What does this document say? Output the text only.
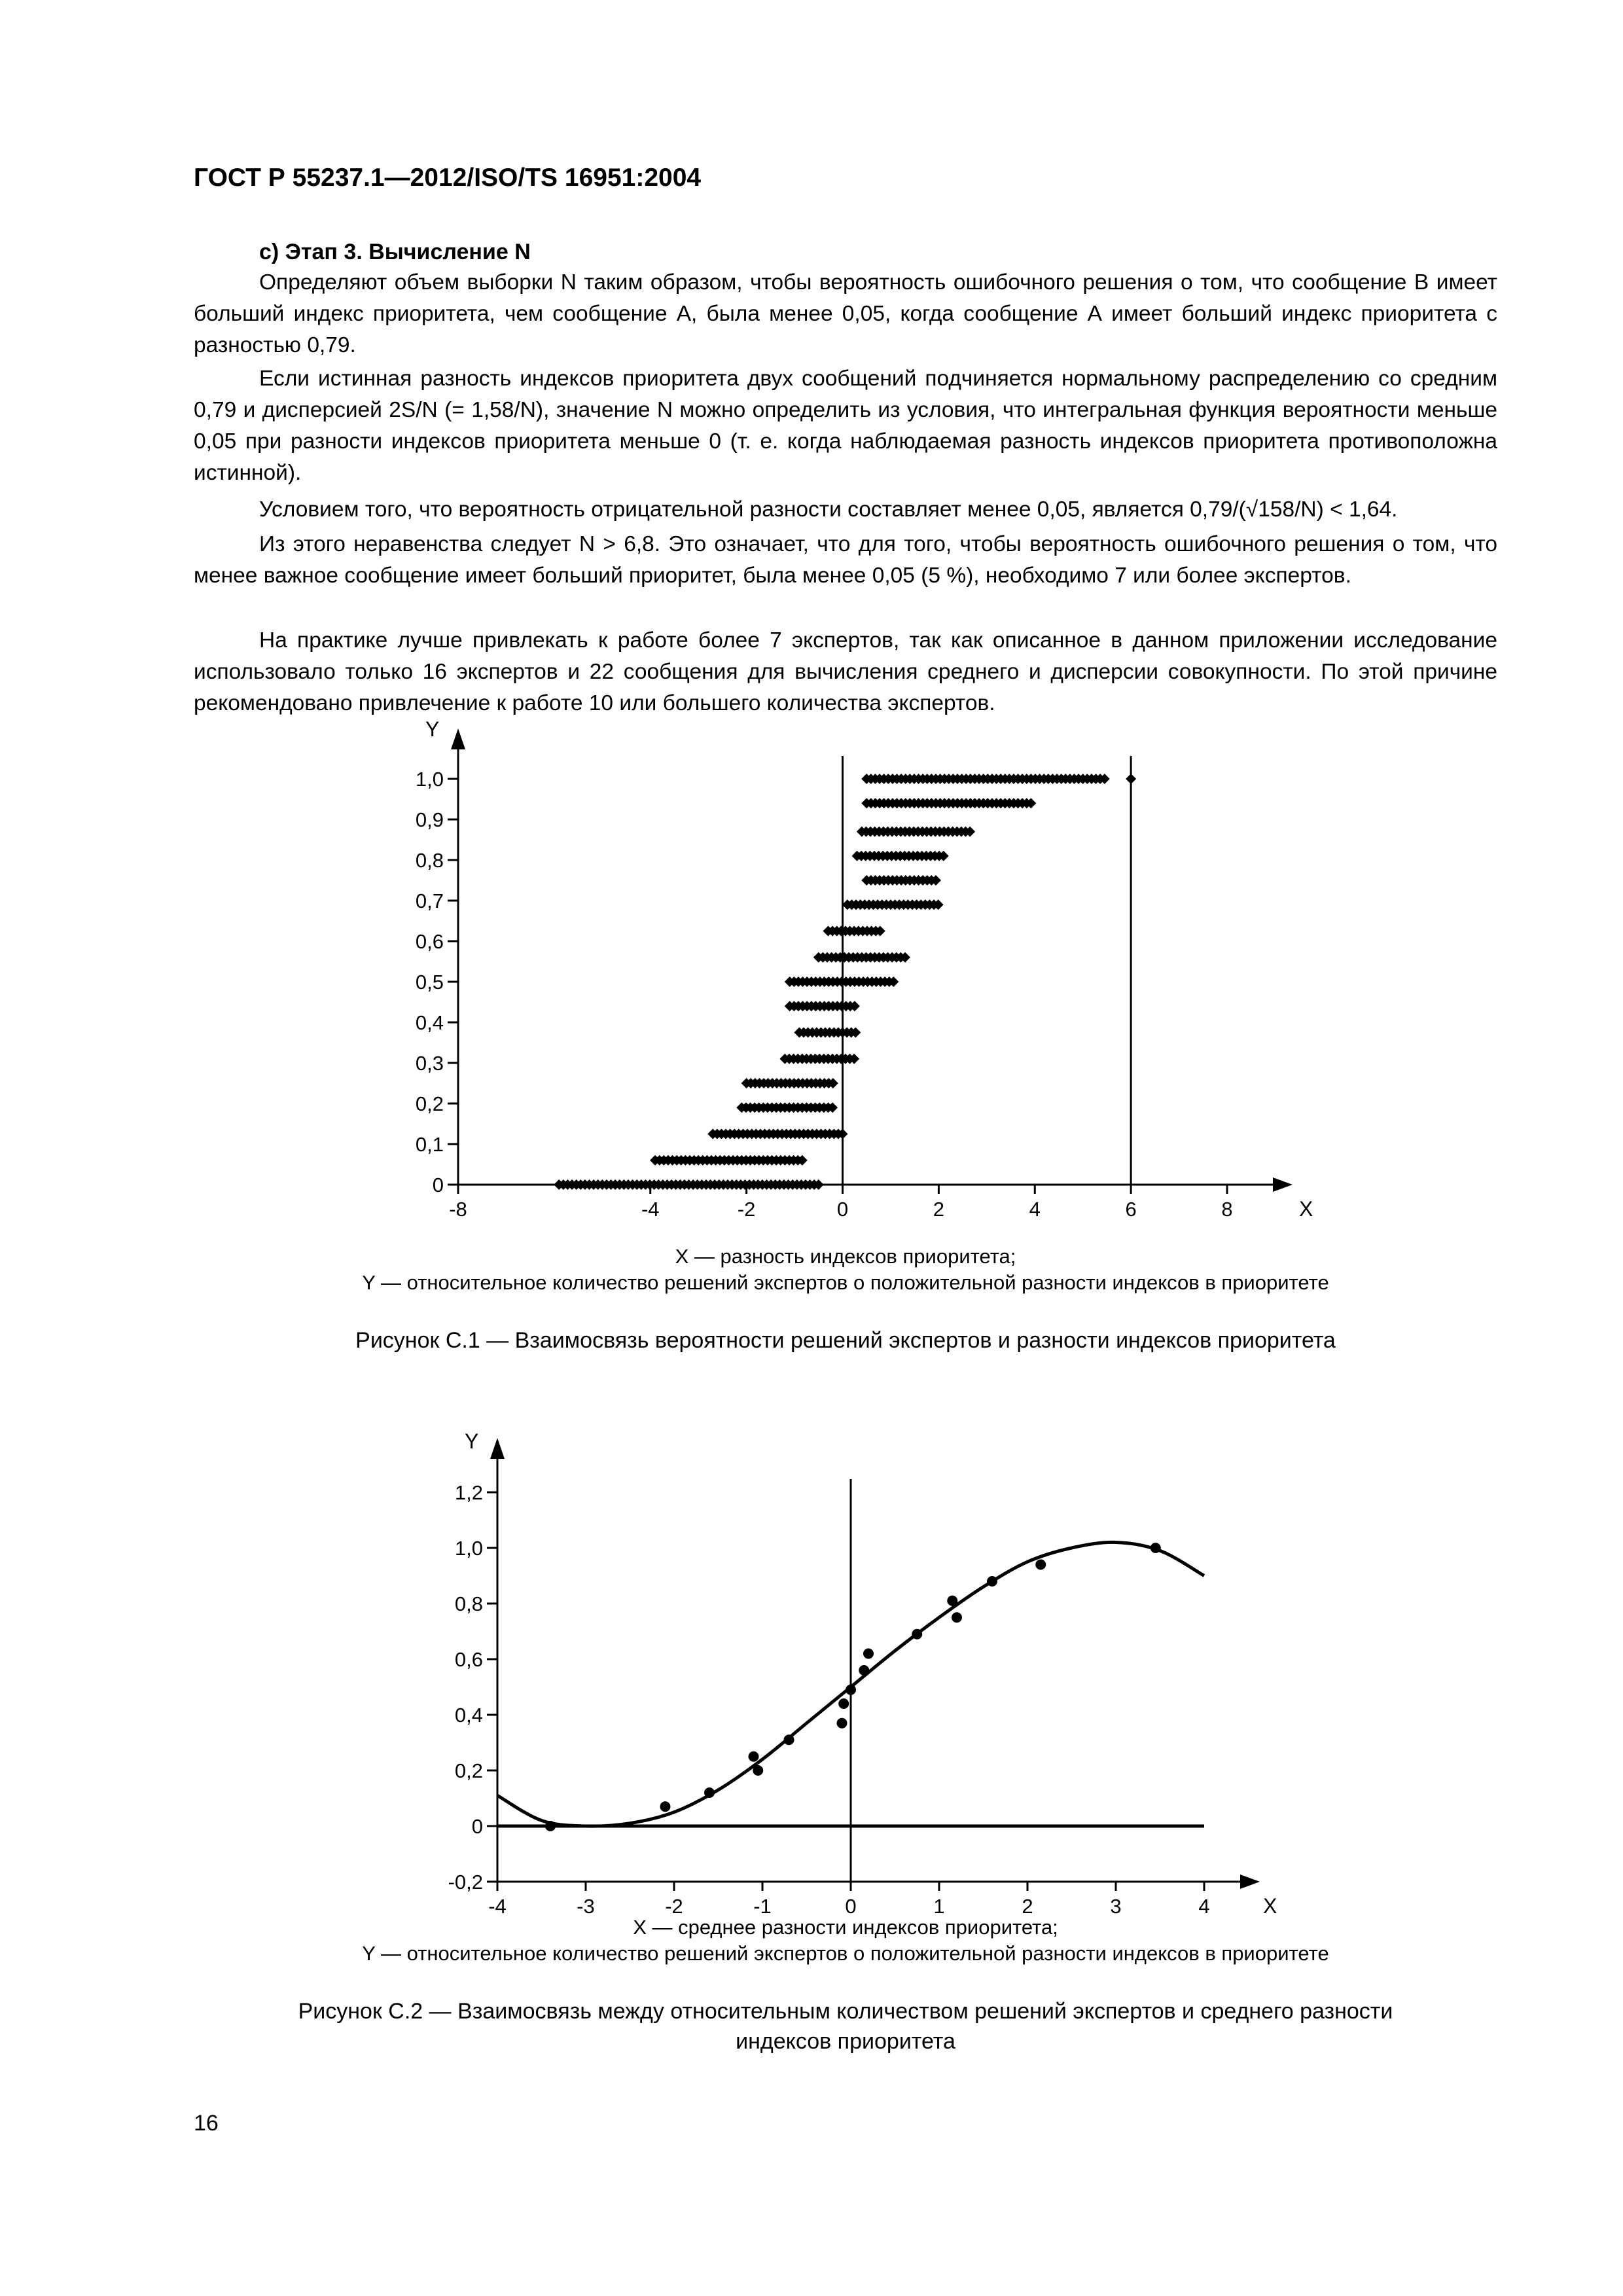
ГОСТ Р 55237.1—2012/ISO/TS 16951:2004
с) Этап 3. Вычисление N

Определяют объем выборки N таким образом, чтобы вероятность ошибочного решения о том, что сообщение В имеет больший индекс приоритета, чем сообщение А, была менее 0,05, когда сообщение А имеет больший индекс приоритета с разностью 0,79.

Если истинная разность индексов приоритета двух сообщений подчиняется нормальному распределению со средним 0,79 и дисперсией 2S/N (= 1,58/N), значение N можно определить из условия, что интегральная функция вероятности меньше 0,05 при разности индексов приоритета меньше 0 (т. е. когда наблюдаемая разность индексов приоритета противоположна истинной).

Условием того, что вероятность отрицательной разности составляет менее 0,05, является 0,79/(√158/N) < 1,64.

Из этого неравенства следует N > 6,8. Это означает, что для того, чтобы вероятность ошибочного решения о том, что менее важное сообщение имеет больший приоритет, была менее 0,05 (5 %), необходимо 7 или более экспертов.

На практике лучше привлекать к работе более 7 экспертов, так как описанное в данном приложении исследование использовало только 16 экспертов и 22 сообщения для вычисления среднего и дисперсии совокупности. По этой причине рекомендовано привлечение к работе 10 или большего количества экспертов.

Y
X
0
0,1
0,2
0,3
0,4
0,5
0,6
0,7
0,8
0,9
1,0
-8	-4	-2	0	2	4	6	8
X — разность индексов приоритета;
Y — относительное количество решений экспертов о положительной разности индексов в приоритете
Рисунок С.1 — Взаимосвязь вероятности решений экспертов и разности индексов приоритета
Y
X
-0,2
0
0,2
0,4
0,6
0,8
1,0
1,2
-4	-3	-2	-1	0	1	2	3	4
X — среднее разности индексов приоритета;
Y — относительное количество решений экспертов о положительной разности индексов в приоритете
Рисунок С.2 — Взаимосвязь между относительным количеством решений экспертов и среднего разности
индексов приоритета
16
